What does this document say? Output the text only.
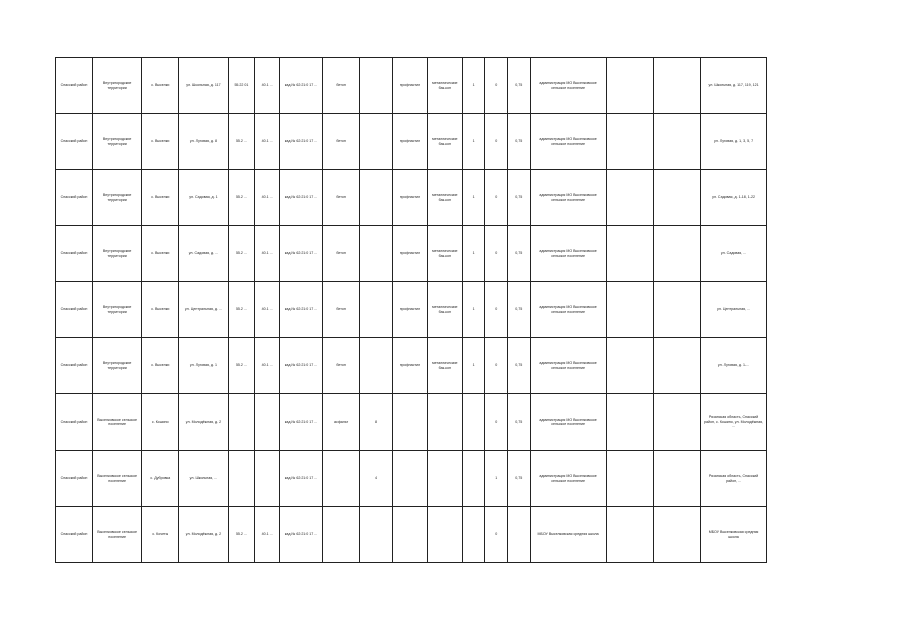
Спасский район	Внутригородские территории	с. Выселки	ул. Школьная, д. 117	55.22 01	40.1 ...	кад.№ 62:21:0 17 ...	бетон		профнастил	металлические бак-кон	1	0	0,75	администрация МО Выселковское сельское поселение			ул. Школьная, д. 117, 119, 121
Спасский район	Внутригородские территории	с. Выселки	ул. Луговая, д. 8	55.2 ...	40.1 ...	кад.№ 62:21:0 17 ...	бетон		профнастил	металлические бак-кон	1	0	0,75	администрация МО Выселковское сельское поселение			ул. Луговая, д. 1, 3, 5, 7
Спасский район	Внутригородские территории	с. Выселки	ул. Садовая, д. 1	55.2 ...	40.1 ...	кад.№ 62:21:0 17 ...	бетон		профнастил	металлические бак-кон	1	0	0,75	администрация МО Выселковское сельское поселение			ул. Садовая, д. 1-18, 1-22
Спасский район	Внутригородские территории	с. Выселки	ул. Садовая, д. ...	55.2 ...	40.1 ...	кад.№ 62:21:0 17 ...	бетон		профнастил	металлические бак-кон	1	0	0,75	администрация МО Выселковское сельское поселение			ул. Садовая, ...
Спасский район	Внутригородские территории	с. Выселки	ул. Центральная, д. ...	55.2 ...	40.1 ...	кад.№ 62:21:0 17 ...	бетон		профнастил	металлические бак-кон	1	0	0,75	администрация МО Выселковское сельское поселение			ул. Центральная, ...
Спасский район	Внутригородские территории	с. Выселки	ул. Луговая, д. 1	55.2 ...	40.1 ...	кад.№ 62:21:0 17 ...	бетон		профнастил	металлические бак-кон	1	0	0,75	администрация МО Выселковское сельское поселение			ул. Луговая, д. 1-...
Спасский район	Выселковское сельское поселение	с. Кошино	ул. Молодёжная, д. 2			кад.№ 62:21:0 17 ...	асфальт	8				0	0,75	администрация МО Выселковское сельское поселение			Рязанская область, Спасский район, с. Кошино, ул. Молодёжная, ...
Спасский район	Выселковское сельское поселение	с. Дубровка	ул. Школьная, ...			кад.№ 62:21:0 17 ...		4				1	0,75	администрация МО Выселковское сельское поселение			Рязанская область, Спасский район, ...
Спасский район	Выселковское сельское поселение	с. Кочеты	ул. Молодёжная, д. 2	55.2 ...	40.1 ...	кад.№ 62:21:0 17 ...						0		МБОУ Выселковская средняя школа			МБОУ Выселковская средняя школа
